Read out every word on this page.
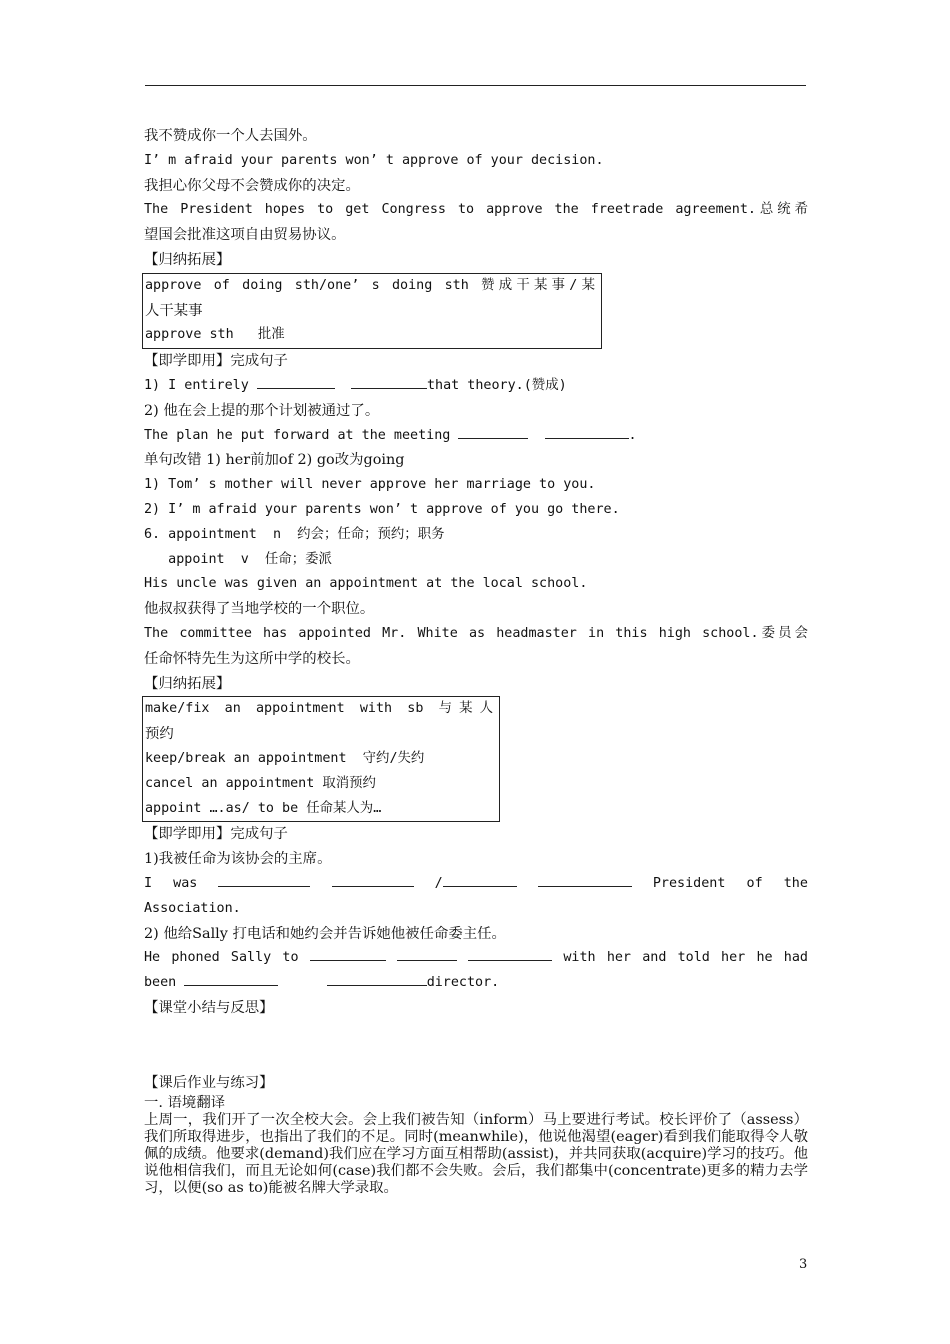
我不赞成你一个人去国外。
I’ m afraid your parents won’ t approve of your decision.
我担心你父母不会赞成你的决定。
The President hopes to get Congress to approve the freetrade agreement.总统希
望国会批准这项自由贸易协议。
【归纳拓展】
approve of doing sth/one’ s doing sth 赞成干某事/某
人干某事
approve sth   批准
【即学即用】完成句子
1) I entirely	that theory.(赞成)
2) 他在会上提的那个计划被通过了。
The plan he put forward at the meeting	.
单句改错 1) her前加of 2) go改为going
1) Tom’ s mother will never approve her marriage to you.
2) I’ m afraid your parents won’ t approve of you go there.
6. appointment  n  约会；任命；预约；职务
appoint  v  任命；委派
His uncle was given an appointment at the local school.
他叔叔获得了当地学校的一个职位。
The committee has appointed Mr. White as headmaster in this high school.委员会
任命怀特先生为这所中学的校长。
【归纳拓展】
make/fix an appointment with sb 与某人
预约
keep/break an appointment  守约/失约
cancel an appointment 取消预约
appoint ….as/ to be 任命某人为…
【即学即用】完成句子
1)我被任命为该协会的主席。
I was	/	President of the
Association.
2) 他给Sally 打电话和她约会并告诉她他被任命委主任。
He phoned Sally to	with her and told her he had
been	director.
【课堂小结与反思】
【课后作业与练习】
一. 语境翻译
上周一，我们开了一次全校大会。会上我们被告知（inform）马上要进行考试。校长评价了（assess）我们所取得进步，也指出了我们的不足。同时(meanwhile)，他说他渴望(eager)看到我们能取得令人敬佩的成绩。他要求(demand)我们应在学习方面互相帮助(assist)，并共同获取(acquire)学习的技巧。他说他相信我们，而且无论如何(case)我们都不会失败。会后，我们都集中(concentrate)更多的精力去学习，以便(so as to)能被名牌大学录取。
3
